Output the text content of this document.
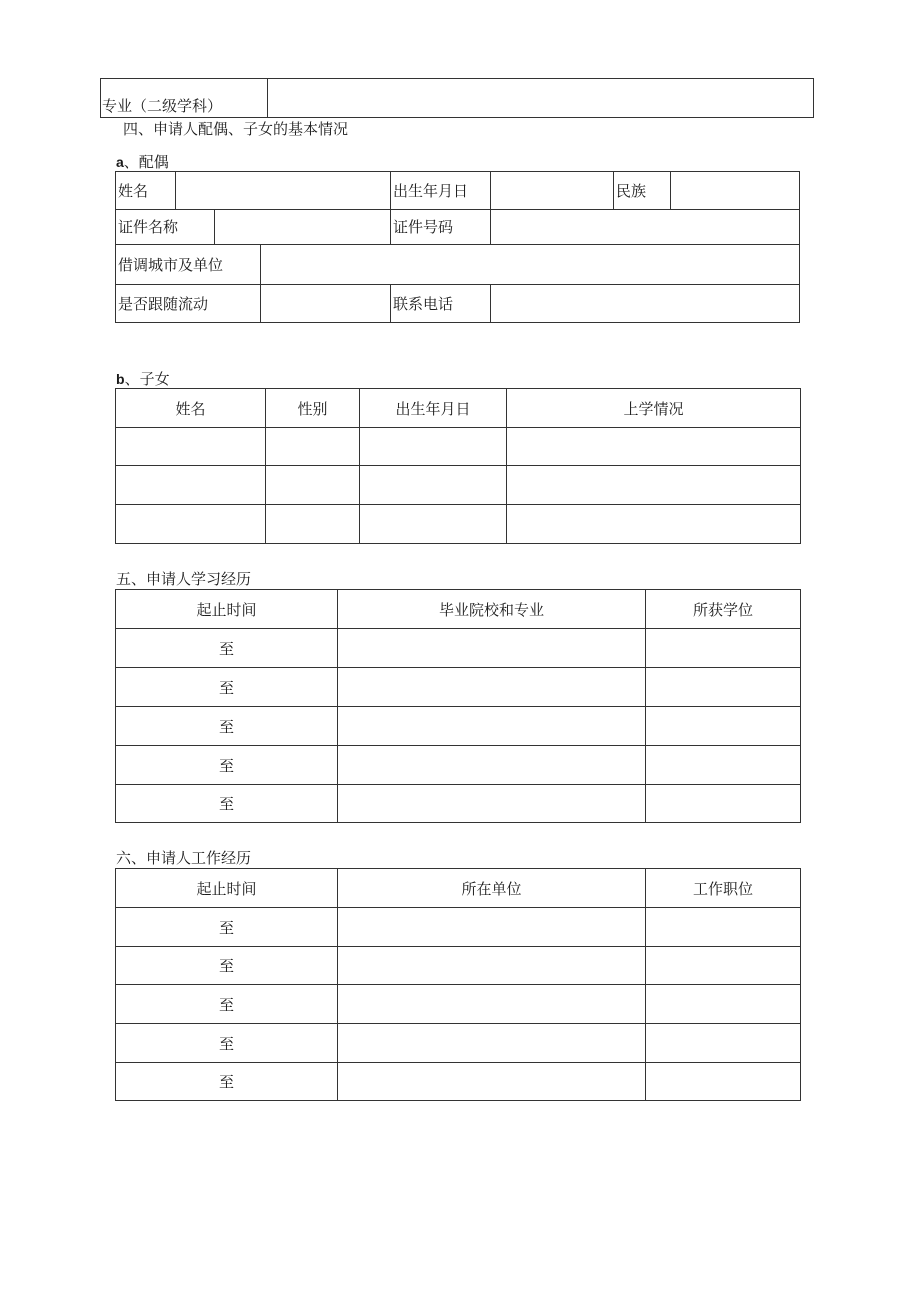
专业（二级学科）
四、申请人配偶、子女的基本情况
a、配偶
姓名	出生年月日	民族
证件名称	证件号码
借调城市及单位
是否跟随流动	联系电话
b、子女
姓名	性别	出生年月日	上学情况
五、申请人学习经历
起止时间	毕业院校和专业	所获学位
至
至
至
至
至
六、申请人工作经历
起止时间	所在单位	工作职位
至
至
至
至
至
